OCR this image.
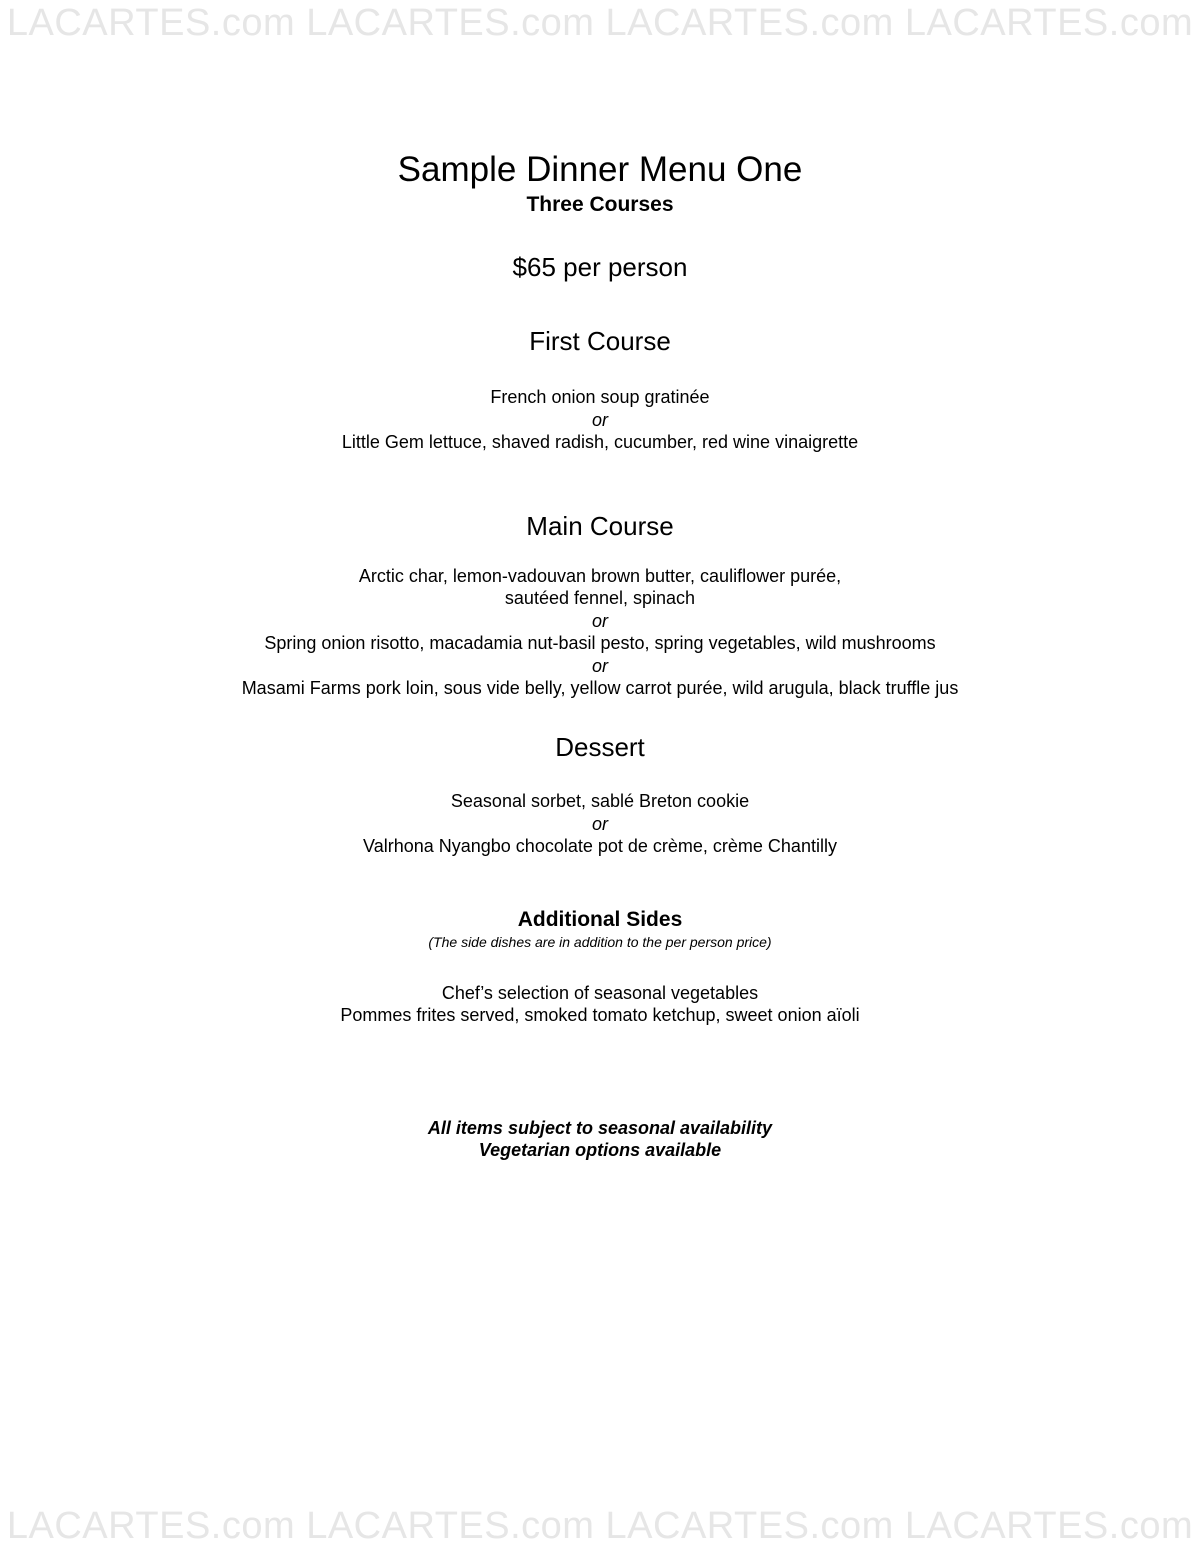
LACARTES.com LACARTES.com LACARTES.com LACARTES.com
Sample Dinner Menu One
Three Courses
$65 per person
First Course
French onion soup gratinée
or
Little Gem lettuce, shaved radish, cucumber, red wine vinaigrette
Main Course
Arctic char, lemon-vadouvan brown butter, cauliflower purée,
sautéed fennel, spinach
or
Spring onion risotto, macadamia nut-basil pesto, spring vegetables, wild mushrooms
or
Masami Farms pork loin, sous vide belly, yellow carrot purée, wild arugula, black truffle jus
Dessert
Seasonal sorbet, sablé Breton cookie
or
Valrhona Nyangbo chocolate pot de crème, crème Chantilly
Additional Sides
(The side dishes are in addition to the per person price)
Chef’s selection of seasonal vegetables
Pommes frites served, smoked tomato ketchup, sweet onion aïoli
All items subject to seasonal availability
Vegetarian options available
LACARTES.com LACARTES.com LACARTES.com LACARTES.com
